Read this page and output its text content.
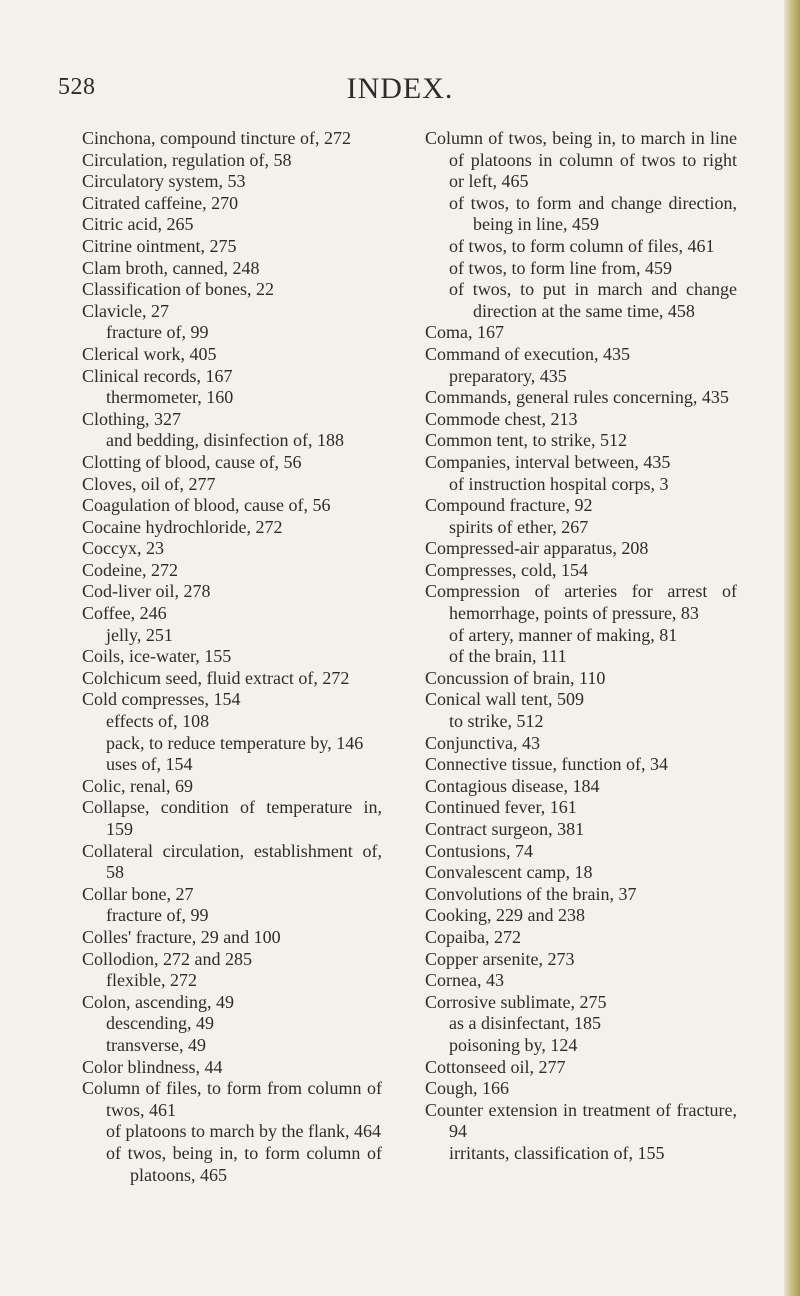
528	INDEX.
Cinchona, compound tincture of, 272
Circulation, regulation of, 58
Circulatory system, 53
Citrated caffeine, 270
Citric acid, 265
Citrine ointment, 275
Clam broth, canned, 248
Classification of bones, 22
Clavicle, 27
fracture of, 99
Clerical work, 405
Clinical records, 167
thermometer, 160
Clothing, 327
and bedding, disinfection of, 188
Clotting of blood, cause of, 56
Cloves, oil of, 277
Coagulation of blood, cause of, 56
Cocaine hydrochloride, 272
Coccyx, 23
Codeine, 272
Cod-liver oil, 278
Coffee, 246
jelly, 251
Coils, ice-water, 155
Colchicum seed, fluid extract of, 272
Cold compresses, 154
effects of, 108
pack, to reduce temperature by, 146
uses of, 154
Colic, renal, 69
Collapse, condition of temperature in, 159
Collateral circulation, establishment of, 58
Collar bone, 27
fracture of, 99
Colles' fracture, 29 and 100
Collodion, 272 and 285
flexible, 272
Colon, ascending, 49
descending, 49
transverse, 49
Color blindness, 44
Column of files, to form from column of twos, 461
of platoons to march by the flank, 464
of twos, being in, to form column of platoons, 465
Column of twos, being in, to march in line of platoons in column of twos to right or left, 465
of twos, to form and change direction, being in line, 459
of twos, to form column of files, 461
of twos, to form line from, 459
of twos, to put in march and change direction at the same time, 458
Coma, 167
Command of execution, 435
preparatory, 435
Commands, general rules concerning, 435
Commode chest, 213
Common tent, to strike, 512
Companies, interval between, 435
of instruction hospital corps, 3
Compound fracture, 92
spirits of ether, 267
Compressed-air apparatus, 208
Compresses, cold, 154
Compression of arteries for arrest of hemorrhage, points of pressure, 83
of artery, manner of making, 81
of the brain, 111
Concussion of brain, 110
Conical wall tent, 509
to strike, 512
Conjunctiva, 43
Connective tissue, function of, 34
Contagious disease, 184
Continued fever, 161
Contract surgeon, 381
Contusions, 74
Convalescent camp, 18
Convolutions of the brain, 37
Cooking, 229 and 238
Copaiba, 272
Copper arsenite, 273
Cornea, 43
Corrosive sublimate, 275
as a disinfectant, 185
poisoning by, 124
Cottonseed oil, 277
Cough, 166
Counter extension in treatment of fracture, 94
irritants, classification of, 155
